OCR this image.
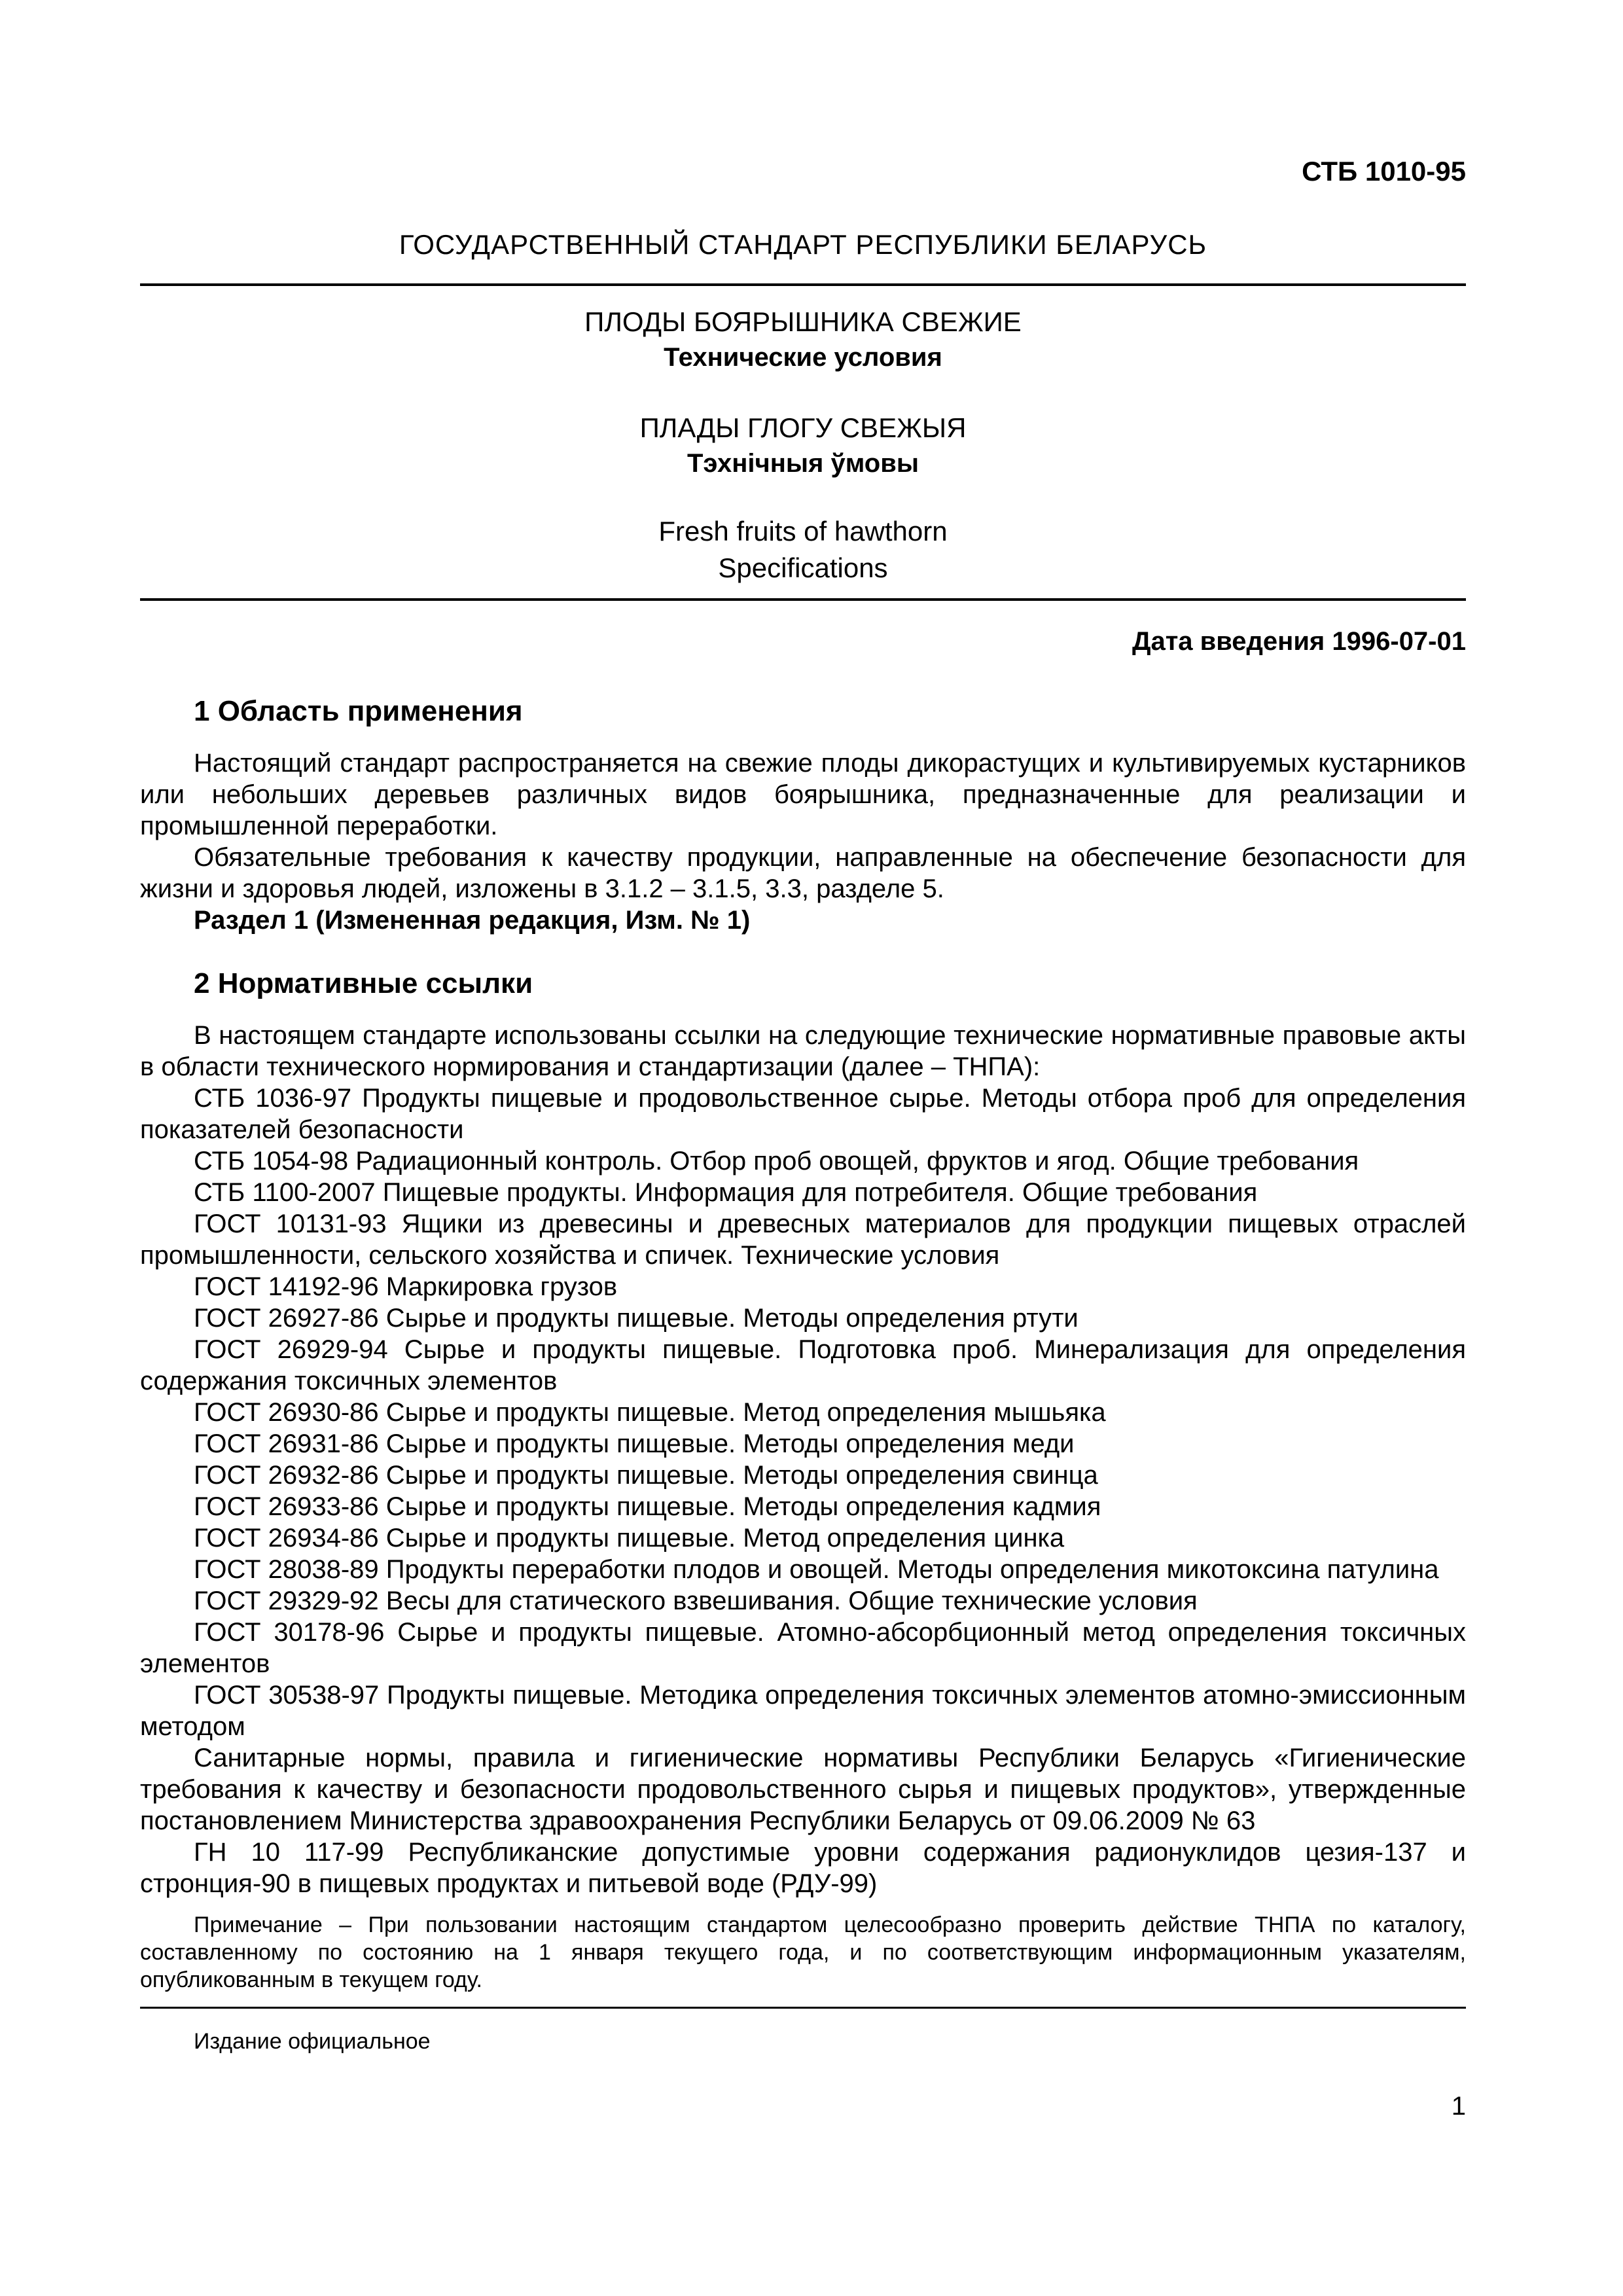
СТБ 1010-95
ГОСУДАРСТВЕННЫЙ СТАНДАРТ РЕСПУБЛИКИ БЕЛАРУСЬ
ПЛОДЫ БОЯРЫШНИКА СВЕЖИЕ
Технические условия
ПЛАДЫ ГЛОГУ СВЕЖЫЯ
Тэхнічныя ўмовы
Fresh fruits of hawthorn
Specifications
Дата введения 1996-07-01
1 Область применения

Настоящий стандарт распространяется на свежие плоды дикорастущих и культивируемых кустарников или небольших деревьев различных видов боярышника, предназначенные для реализации и промышленной переработки.

Обязательные требования к качеству продукции, направленные на обеспечение безопасности для жизни и здоровья людей, изложены в 3.1.2 – 3.1.5, 3.3, разделе 5.

Раздел 1 (Измененная редакция, Изм. № 1)

2 Нормативные ссылки

В настоящем стандарте использованы ссылки на следующие технические нормативные правовые акты в области технического нормирования и стандартизации (далее – ТНПА):

СТБ 1036-97 Продукты пищевые и продовольственное сырье. Методы отбора проб для определения показателей безопасности

СТБ 1054-98 Радиационный контроль. Отбор проб овощей, фруктов и ягод. Общие требования

СТБ 1100-2007 Пищевые продукты. Информация для потребителя. Общие требования

ГОСТ 10131-93 Ящики из древесины и древесных материалов для продукции пищевых отраслей промышленности, сельского хозяйства и спичек. Технические условия

ГОСТ 14192-96 Маркировка грузов

ГОСТ 26927-86 Сырье и продукты пищевые. Методы определения ртути

ГОСТ 26929-94 Сырье и продукты пищевые. Подготовка проб. Минерализация для определения содержания токсичных элементов

ГОСТ 26930-86 Сырье и продукты пищевые. Метод определения мышьяка

ГОСТ 26931-86 Сырье и продукты пищевые. Методы определения меди

ГОСТ 26932-86 Сырье и продукты пищевые. Методы определения свинца

ГОСТ 26933-86 Сырье и продукты пищевые. Методы определения кадмия

ГОСТ 26934-86 Сырье и продукты пищевые. Метод определения цинка

ГОСТ 28038-89 Продукты переработки плодов и овощей. Методы определения микотоксина патулина

ГОСТ 29329-92 Весы для статического взвешивания. Общие технические условия

ГОСТ 30178-96 Сырье и продукты пищевые. Атомно-абсорбционный метод определения токсичных элементов

ГОСТ 30538-97 Продукты пищевые. Методика определения токсичных элементов атомно-эмиссионным методом

Санитарные нормы, правила и гигиенические нормативы Республики Беларусь «Гигиенические требования к качеству и безопасности продовольственного сырья и пищевых продуктов», утвержденные постановлением Министерства здравоохранения Республики Беларусь от 09.06.2009 № 63

ГН 10 117-99 Республиканские допустимые уровни содержания радионуклидов цезия-137 и стронция-90 в пищевых продуктах и питьевой воде (РДУ-99)

Примечание – При пользовании настоящим стандартом целесообразно проверить действие ТНПА по каталогу, составленному по состоянию на 1 января текущего года, и по соответствующим информационным указателям, опубликованным в текущем году.
Издание официальное
1
